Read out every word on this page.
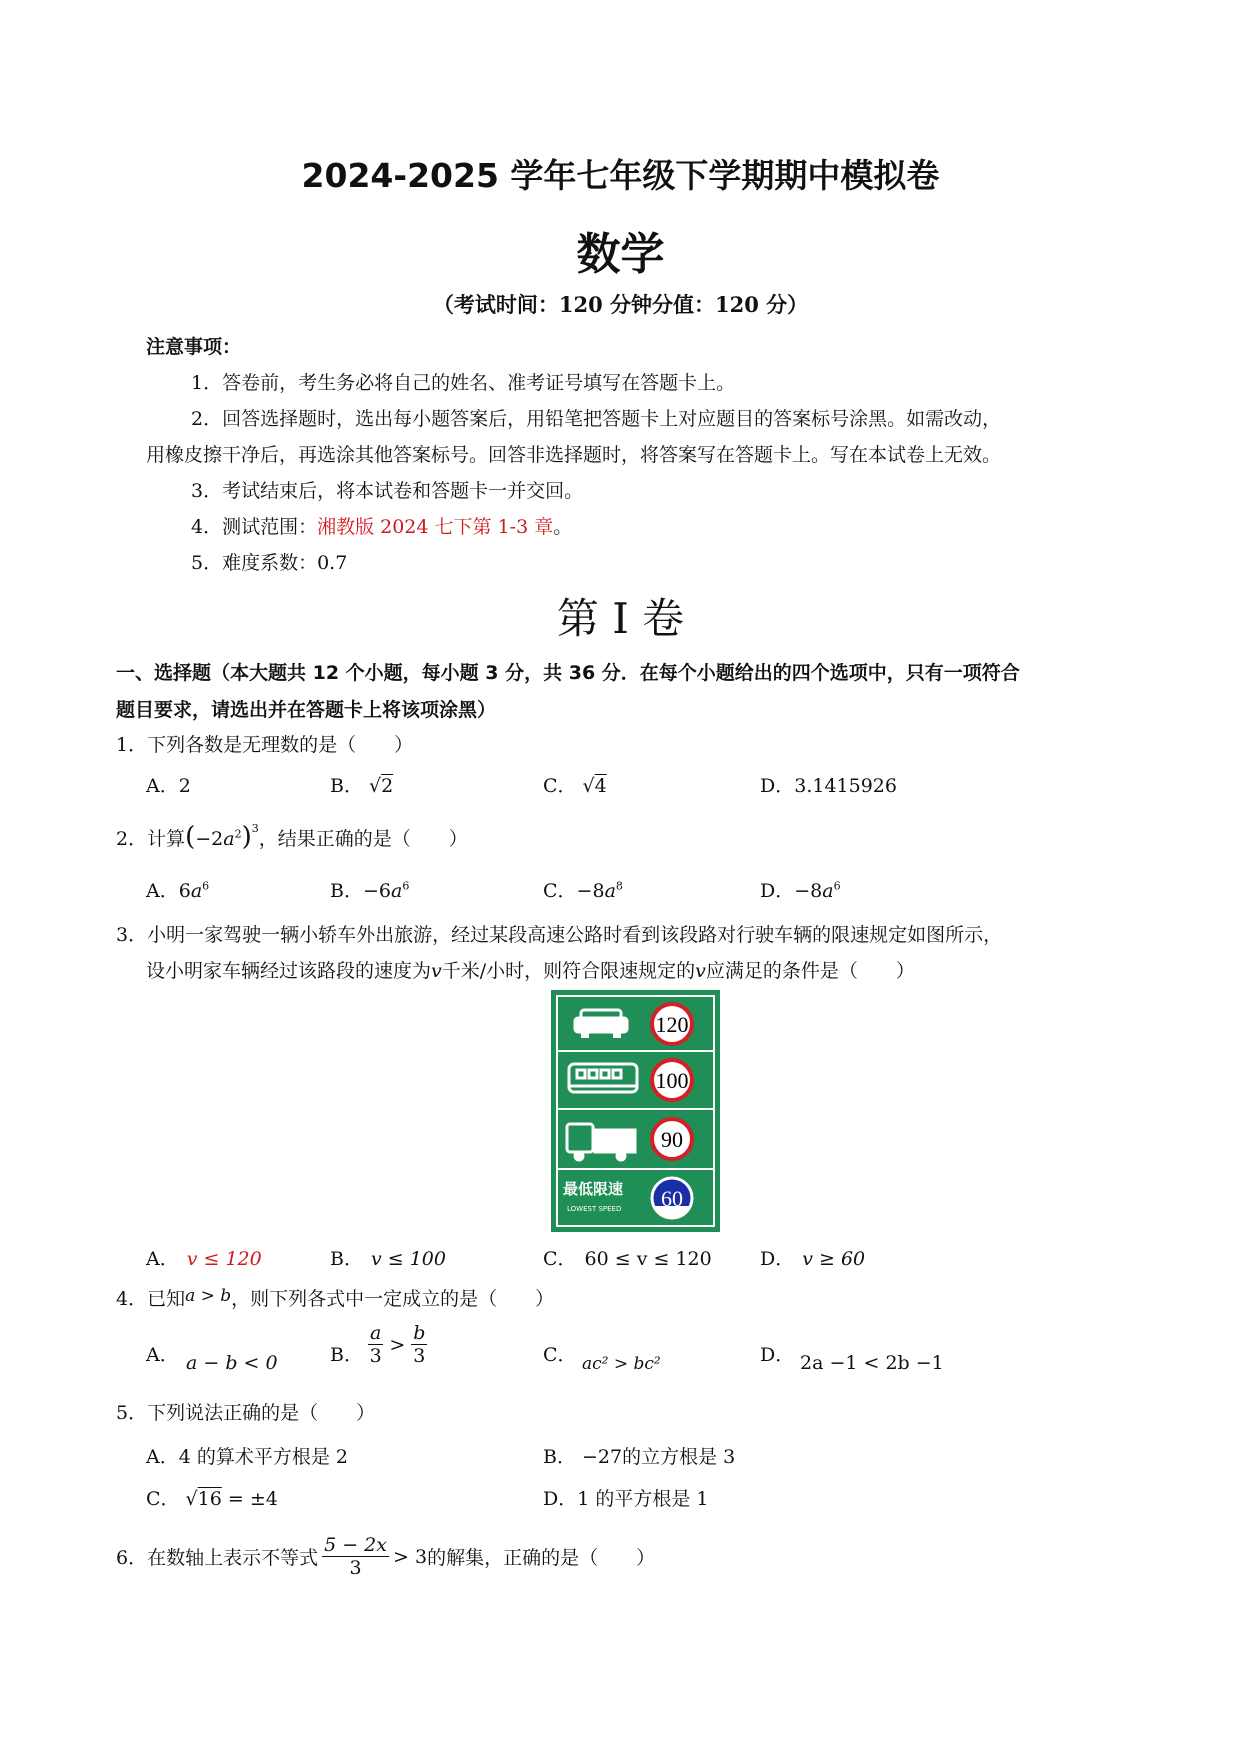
2024-2025 学年七年级下学期期中模拟卷
数学
（考试时间：120 分钟分值：120 分）
注意事项：
1．答卷前，考生务必将自己的姓名、准考证号填写在答题卡上。
2．回答选择题时，选出每小题答案后，用铅笔把答题卡上对应题目的答案标号涂黑。如需改动，
用橡皮擦干净后，再选涂其他答案标号。回答非选择题时，将答案写在答题卡上。写在本试卷上无效。
3．考试结束后，将本试卷和答题卡一并交回。
4．测试范围：湘教版 2024 七下第 1-3 章。
5．难度系数：0.7
第 I 卷
一、选择题（本大题共 12 个小题，每小题 3 分，共 36 分．在每个小题给出的四个选项中，只有一项符合
题目要求，请选出并在答题卡上将该项涂黑）
1．下列各数是无理数的是（　　）
A．2	B． √2	C． √4	D．3.1415926
2．计算$(-2a^2)^3$，结果正确的是（　　）
A．$6a^6$	B．$-6a^6$	C．$-8a^8$	D．$-8a^6$
3．小明一家驾驶一辆小轿车外出旅游，经过某段高速公路时看到该段路对行驶车辆的限速规定如图所示，
设小明家车辆经过该路段的速度为v千米/小时，则符合限速规定的v应满足的条件是（　　）
120
100
90
最低限速
LOWEST SPEED 60
A． v ≤ 120	B． v ≤ 100	C． 60 ≤ v ≤ 120	D． v ≥ 60
4．已知a > b，则下列各式中一定成立的是（　　）
A． a − b < 0	B．
a
3
>
b
3	C． ac² > bc²	D． 2a −1 < 2b −1
5．下列说法正确的是（　　）
A．4 的算术平方根是 2	B． −27的立方根是 3
C． √16 = ±4	D．1 的平方根是 1
6．在数轴上表示不等式
5 − 2x
3
> 3 的解集，正确的是（　　）
